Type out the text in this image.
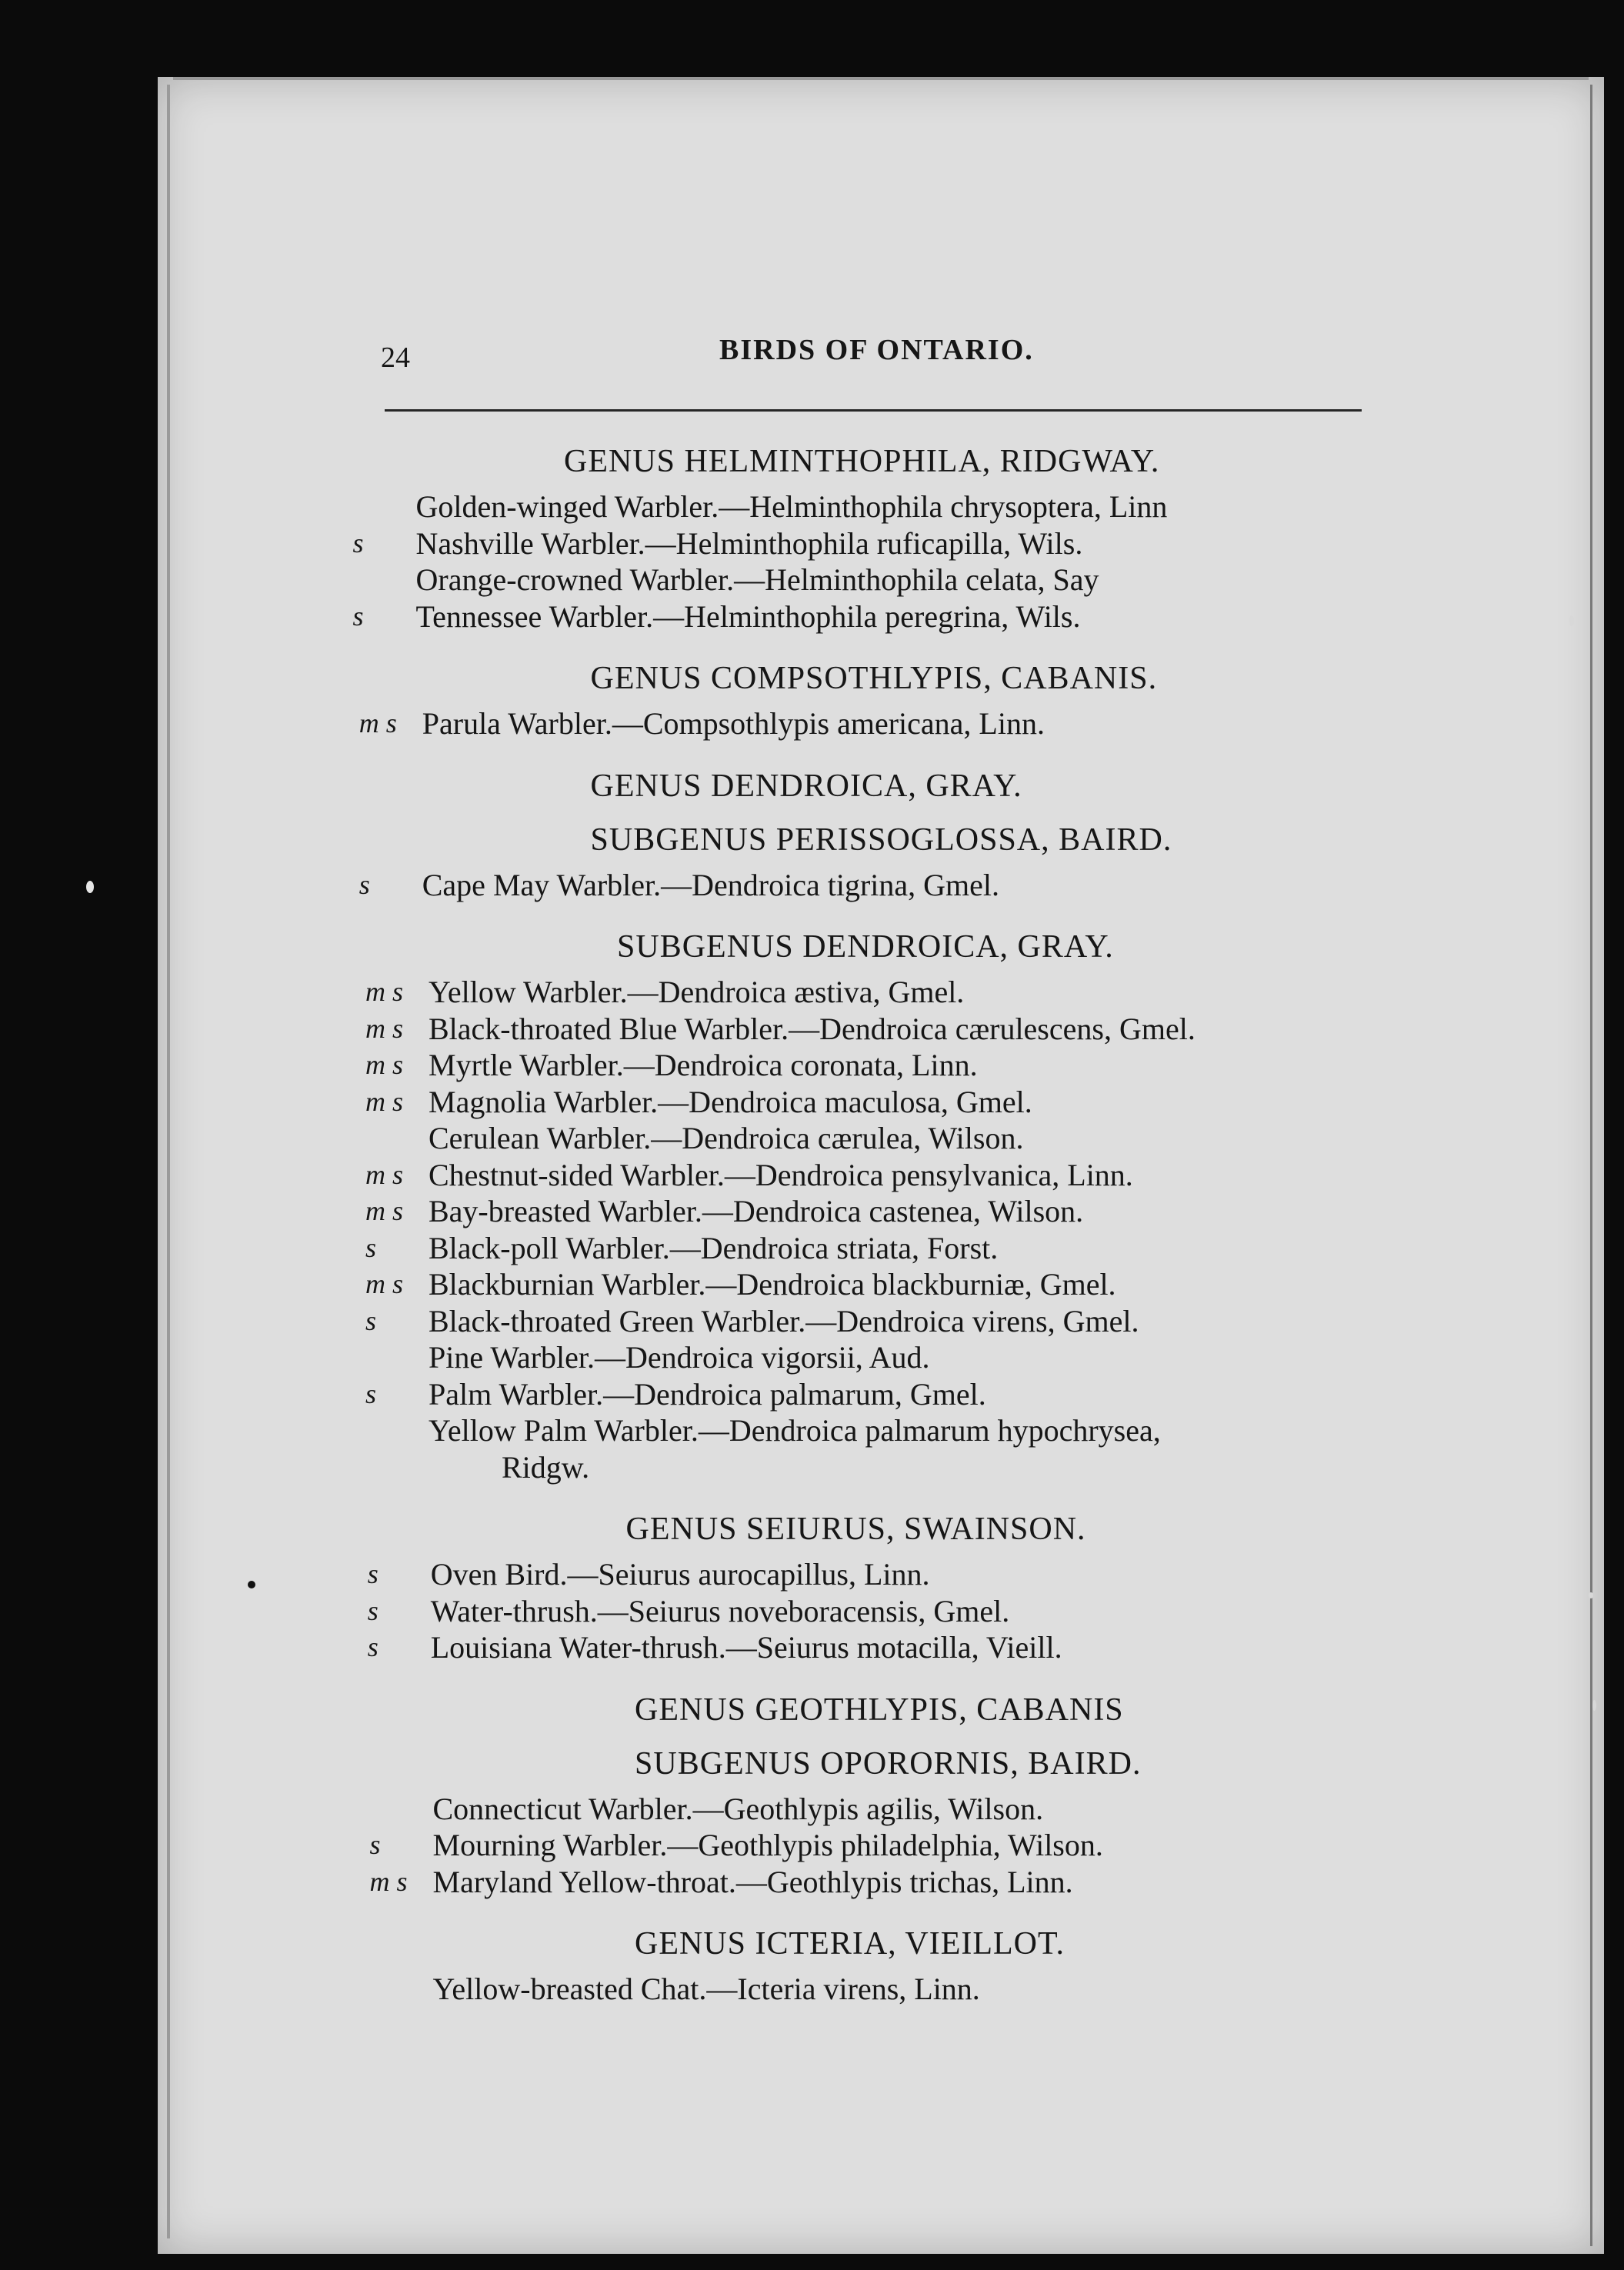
24	BIRDS OF ONTARIO.
GENUS HELMINTHOPHILA, RIDGWAY.
Golden-winged Warbler.—Helminthophila chrysoptera, Linn
s	Nashville Warbler.—Helminthophila ruficapilla, Wils.
Orange-crowned Warbler.—Helminthophila celata, Say
s	Tennessee Warbler.—Helminthophila peregrina, Wils.
GENUS COMPSOTHLYPIS, CABANIS.
m s Parula Warbler.—Compsothlypis americana, Linn.
GENUS DENDROICA, GRAY.
SUBGENUS PERISSOGLOSSA, BAIRD.
s	Cape May Warbler.—Dendroica tigrina, Gmel.
SUBGENUS DENDROICA, GRAY.
m s Yellow Warbler.—Dendroica æstiva, Gmel.
m s Black-throated Blue Warbler.—Dendroica cærulescens, Gmel.
m s Myrtle Warbler.—Dendroica coronata, Linn.
m s Magnolia Warbler.—Dendroica maculosa, Gmel.
Cerulean Warbler.—Dendroica cærulea, Wilson.
m s Chestnut-sided Warbler.—Dendroica pensylvanica, Linn.
m s Bay-breasted Warbler.—Dendroica castenea, Wilson.
s	Black-poll Warbler.—Dendroica striata, Forst.
m s Blackburnian Warbler.—Dendroica blackburniæ, Gmel.
s	Black-throated Green Warbler.—Dendroica virens, Gmel.
Pine Warbler.—Dendroica vigorsii, Aud.
s	Palm Warbler.—Dendroica palmarum, Gmel.
Yellow Palm Warbler.—Dendroica palmarum hypochrysea,
Ridgw.
GENUS SEIURUS, SWAINSON.
s	Oven Bird.—Seiurus aurocapillus, Linn.
s	Water-thrush.—Seiurus noveboracensis, Gmel.
s	Louisiana Water-thrush.—Seiurus motacilla, Vieill.
GENUS GEOTHLYPIS, CABANIS
SUBGENUS OPORORNIS, BAIRD.
Connecticut Warbler.—Geothlypis agilis, Wilson.
s	Mourning Warbler.—Geothlypis philadelphia, Wilson.
m s Maryland Yellow-throat.—Geothlypis trichas, Linn.
GENUS ICTERIA, VIEILLOT.
Yellow-breasted Chat.—Icteria virens, Linn.
